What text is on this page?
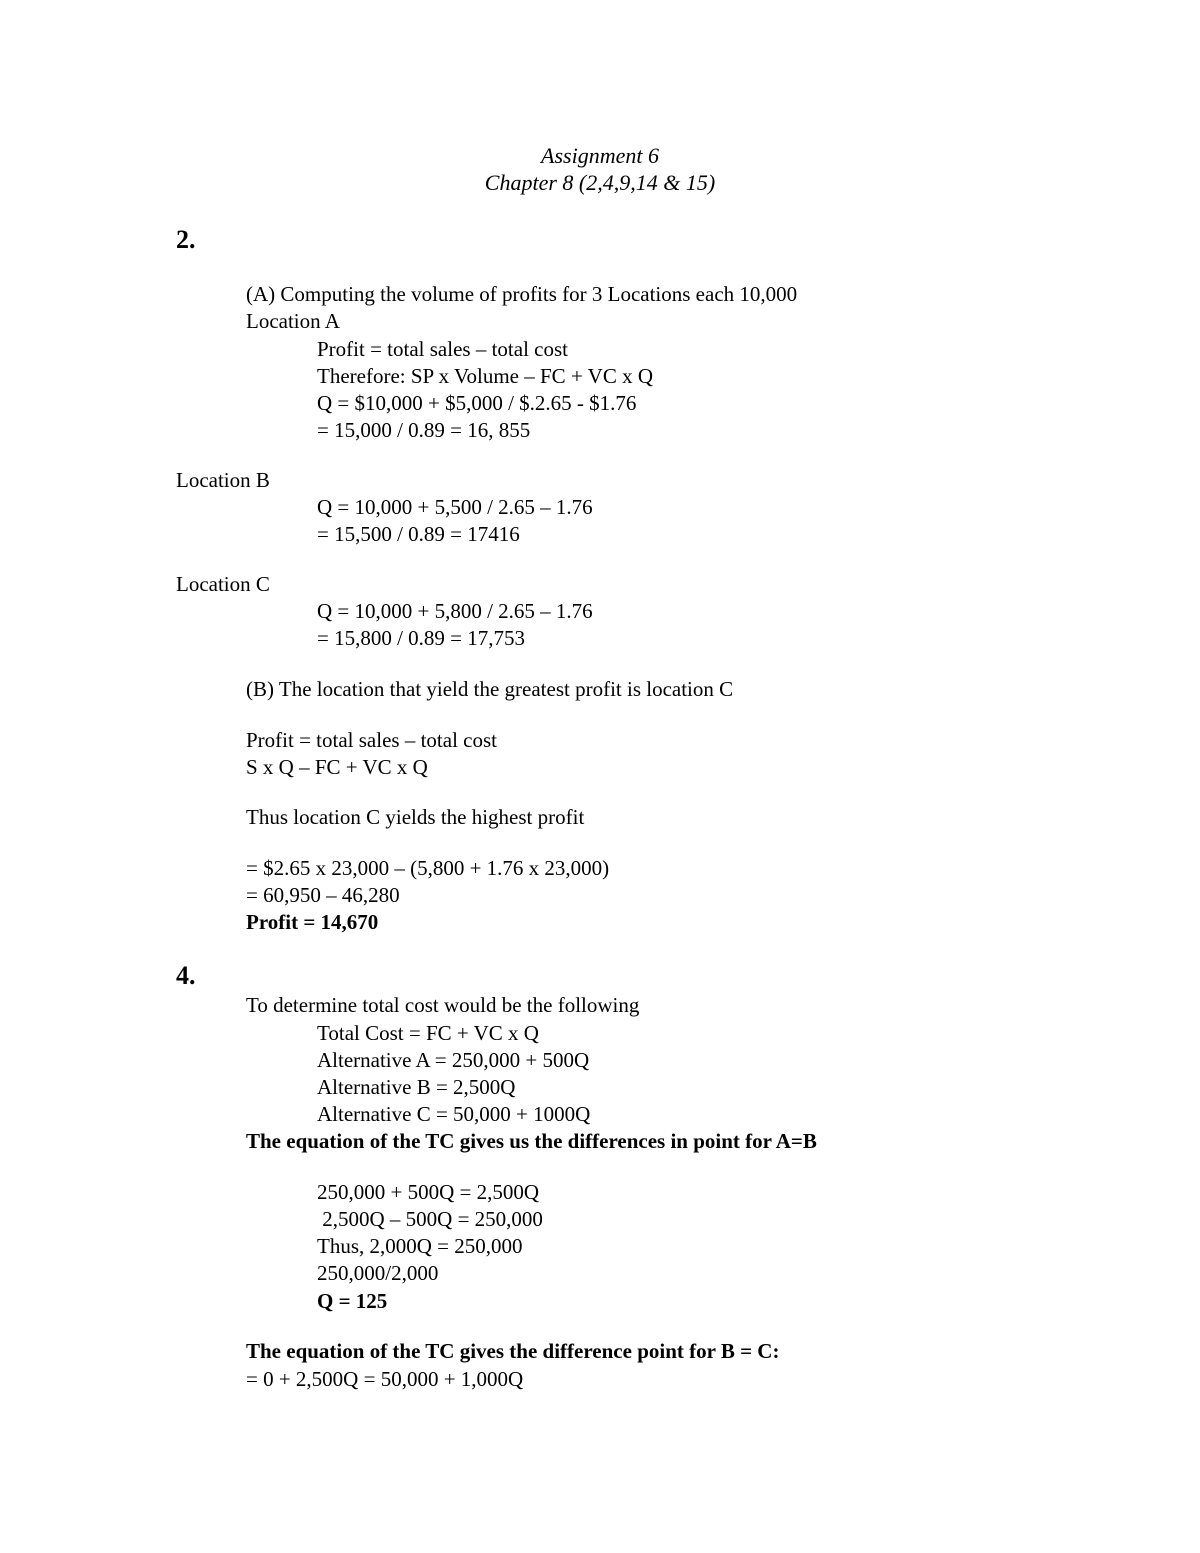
Assignment 6
Chapter 8 (2,4,9,14 & 15)
2.
(A) Computing the volume of profits for 3 Locations each 10,000
Location A
Profit = total sales – total cost
Therefore: SP x Volume – FC + VC x Q
Q = $10,000 + $5,000 / $.2.65 - $1.76
= 15,000 / 0.89 = 16, 855
Location B
Q = 10,000 + 5,500 / 2.65 – 1.76
= 15,500 / 0.89 = 17416
Location C
Q = 10,000 + 5,800 / 2.65 – 1.76
= 15,800 / 0.89 = 17,753
(B) The location that yield the greatest profit is location C
Profit = total sales – total cost
S x Q – FC + VC x Q
Thus location C yields the highest profit
= $2.65 x 23,000 – (5,800 + 1.76 x 23,000)
= 60,950 – 46,280
Profit = 14,670
4.
To determine total cost would be the following
Total Cost = FC + VC x Q
Alternative A = 250,000 + 500Q
Alternative B = 2,500Q
Alternative C = 50,000 + 1000Q
The equation of the TC gives us the differences in point for A=B
250,000 + 500Q = 2,500Q
2,500Q – 500Q = 250,000
Thus, 2,000Q = 250,000
250,000/2,000
Q = 125
The equation of the TC gives the difference point for B = C:
= 0 + 2,500Q = 50,000 + 1,000Q
